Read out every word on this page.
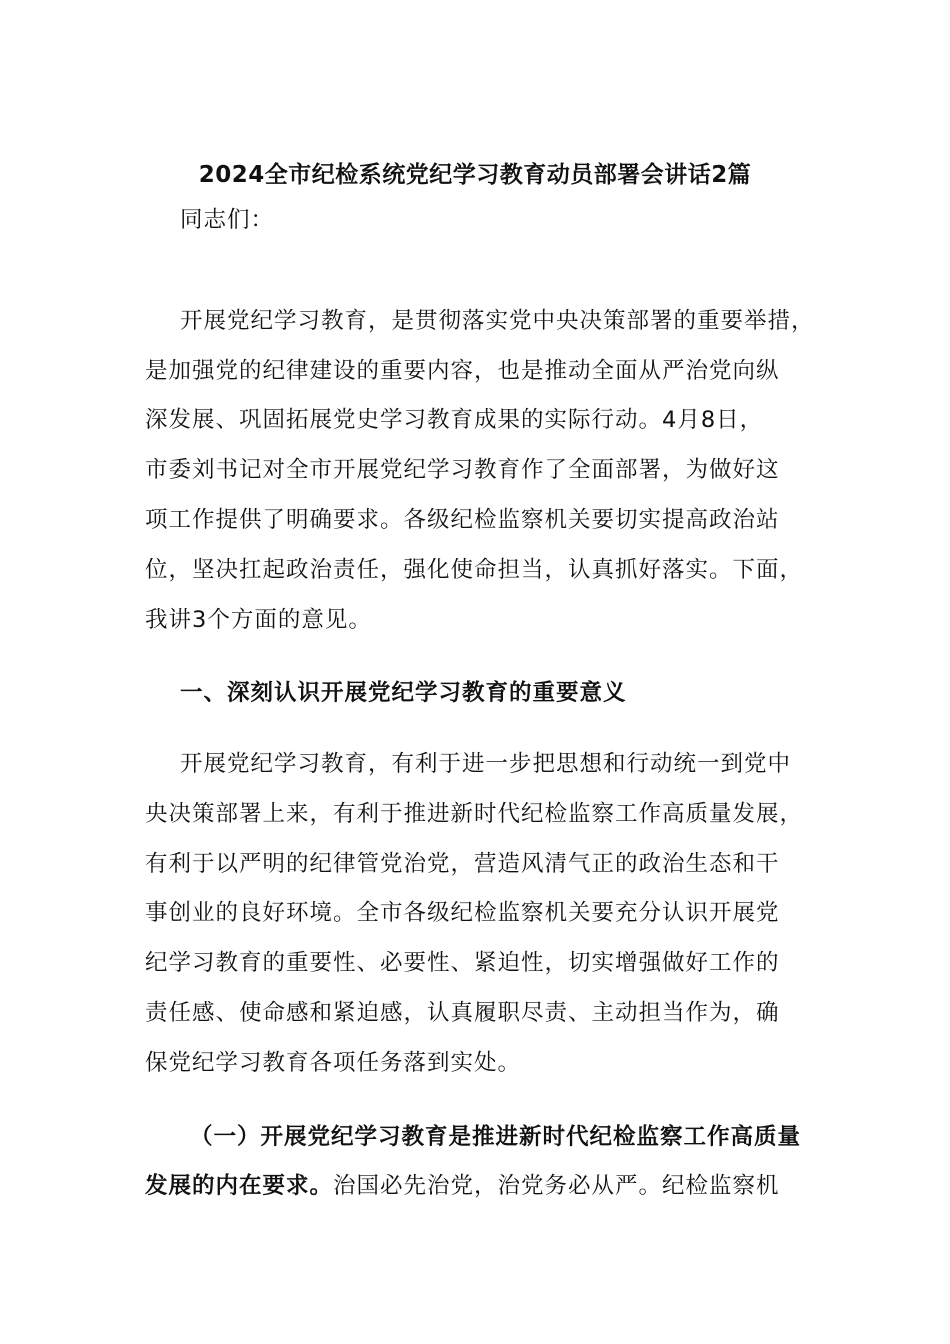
2024全市纪检系统党纪学习教育动员部署会讲话2篇
同志们：
开展党纪学习教育，是贯彻落实党中央决策部署的重要举措，
是加强党的纪律建设的重要内容，也是推动全面从严治党向纵
深发展、巩固拓展党史学习教育成果的实际行动。4月8日，
市委刘书记对全市开展党纪学习教育作了全面部署，为做好这
项工作提供了明确要求。各级纪检监察机关要切实提高政治站
位，坚决扛起政治责任，强化使命担当，认真抓好落实。下面，
我讲3个方面的意见。
一、深刻认识开展党纪学习教育的重要意义
开展党纪学习教育，有利于进一步把思想和行动统一到党中
央决策部署上来，有利于推进新时代纪检监察工作高质量发展，
有利于以严明的纪律管党治党，营造风清气正的政治生态和干
事创业的良好环境。全市各级纪检监察机关要充分认识开展党
纪学习教育的重要性、必要性、紧迫性，切实增强做好工作的
责任感、使命感和紧迫感，认真履职尽责、主动担当作为，确
保党纪学习教育各项任务落到实处。
（一）开展党纪学习教育是推进新时代纪检监察工作高质量
发展的内在要求。治国必先治党，治党务必从严。纪检监察机
